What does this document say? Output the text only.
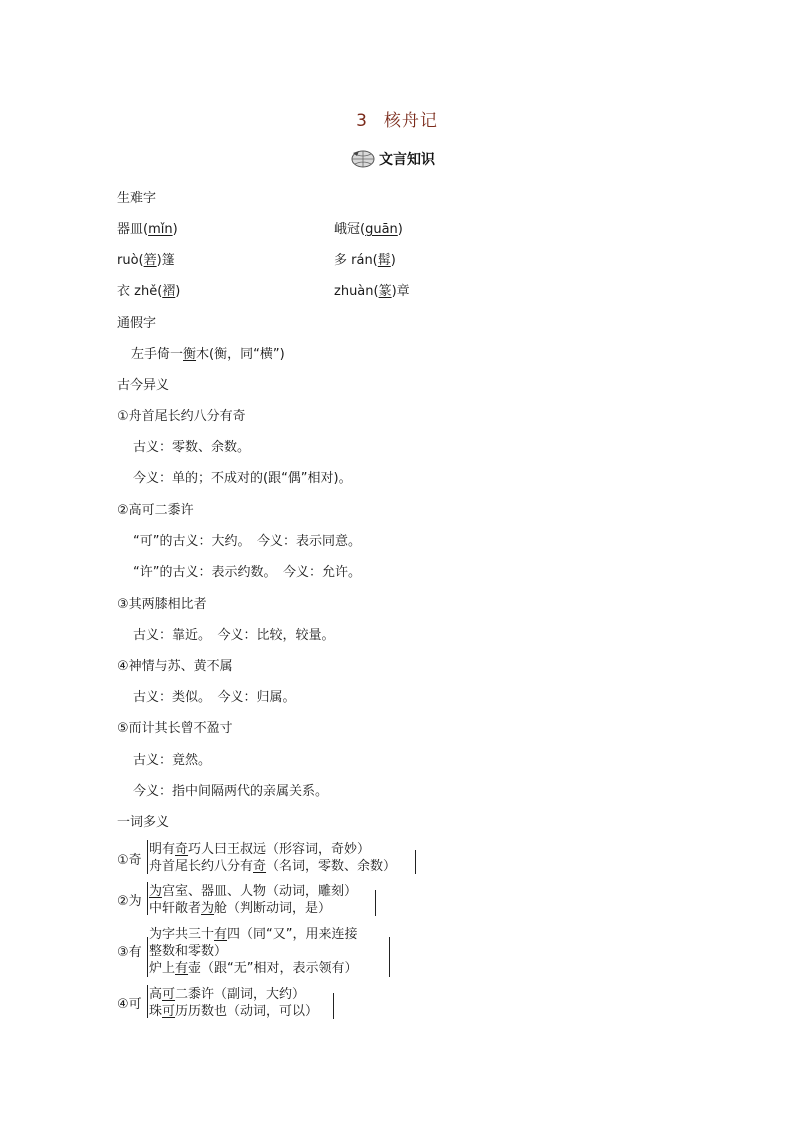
3 核舟记
文言知识
生难字
器皿(mǐn)	峨冠(guān)
ruò(箬)篷	多 rán(髯)
衣 zhě(褶)	zhuàn(篆)章
通假字
左手倚一衡木(衡，同“横”)
古今异义
①舟首尾长约八分有奇
古义：零数、余数。
今义：单的；不成对的(跟“偶”相对)。
②高可二黍许
“可”的古义：大约。　今义：表示同意。
“许”的古义：表示约数。　今义：允许。
③其两膝相比者
古义：靠近。　今义：比较，较量。
④神情与苏、黄不属
古义：类似。　今义：归属。
⑤而计其长曾不盈寸
古义：竟然。
今义：指中间隔两代的亲属关系。
一词多义
①奇
明有奇巧人曰王叔远（形容词，奇妙）
舟首尾长约八分有奇（名词，零数、余数）
②为
为宫室、器皿、人物（动词，雕刻）
中轩敞者为舱（判断动词，是）
③有
为字共三十有四（同“又”，用来连接
整数和零数）
炉上有壶（跟“无”相对，表示领有）
④可
高可二黍许（副词，大约）
珠可历历数也（动词，可以）
